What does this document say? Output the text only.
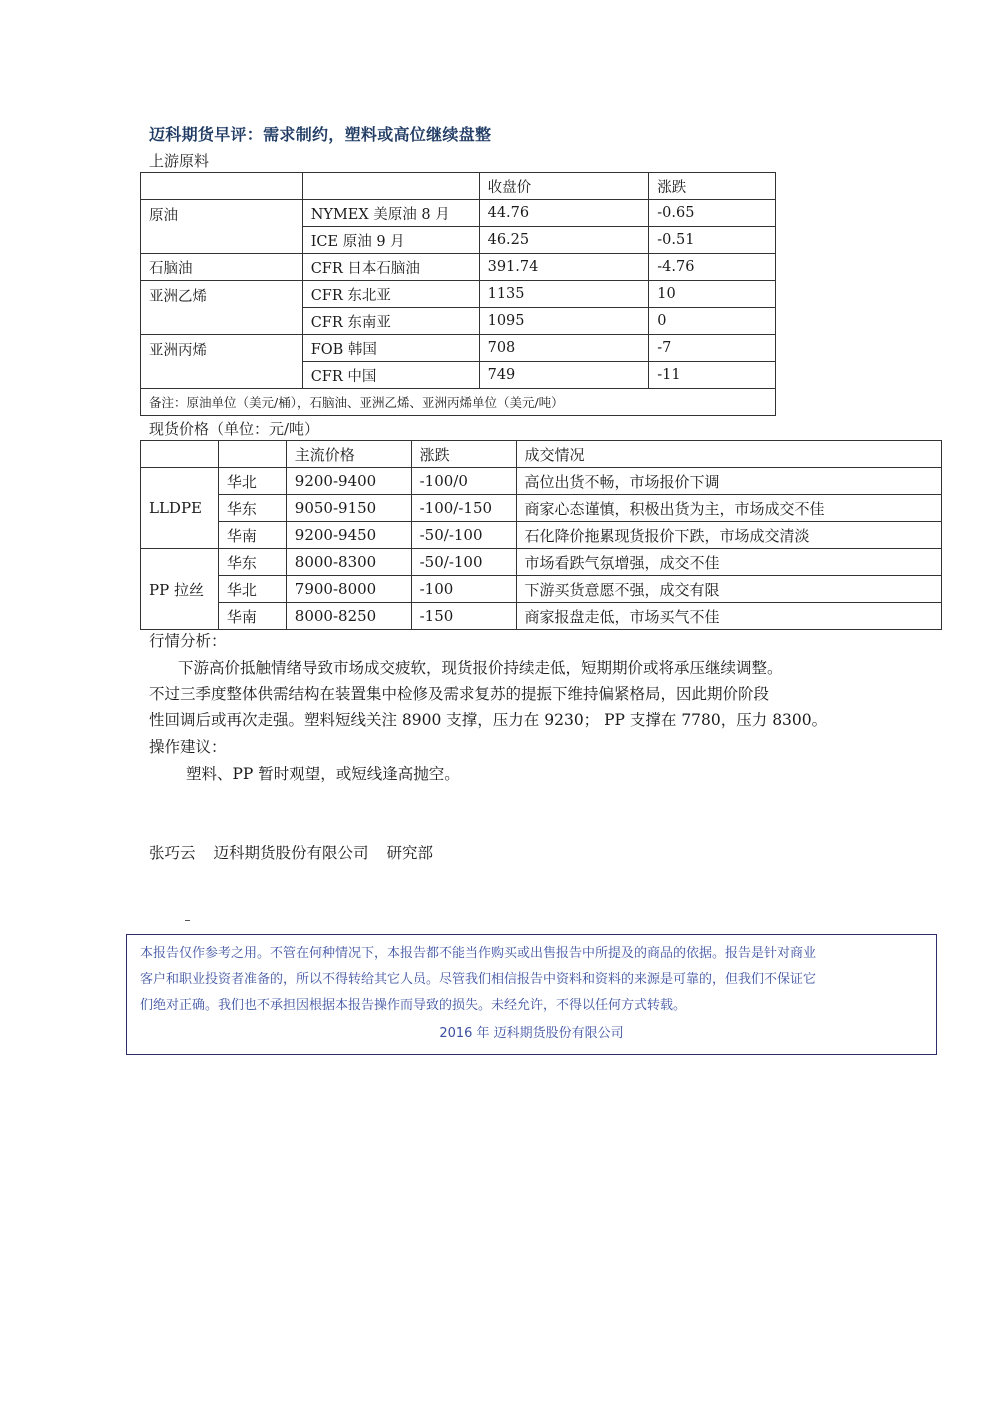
迈科期货早评：需求制约，塑料或高位继续盘整
上游原料
		收盘价	涨跌
原油	NYMEX 美原油 8 月	44.76	-0.65
	ICE 原油 9 月	46.25	-0.51
石脑油	CFR 日本石脑油	391.74	-4.76
亚洲乙烯	CFR 东北亚	1135	10
	CFR 东南亚	1095	0
亚洲丙烯	FOB 韩国	708	-7
	CFR 中国	749	-11
备注：原油单位（美元/桶），石脑油、亚洲乙烯、亚洲丙烯单位（美元/吨）			
现货价格（单位：元/吨）
		主流价格	涨跌	成交情况
LLDPE	华北	9200-9400	-100/0	高位出货不畅，市场报价下调
	华东	9050-9150	-100/-150	商家心态谨慎，积极出货为主，市场成交不佳
	华南	9200-9450	-50/-100	石化降价拖累现货报价下跌，市场成交清淡
PP 拉丝	华东	8000-8300	-50/-100	市场看跌气氛增强，成交不佳
	华北	7900-8000	-100	下游买货意愿不强，成交有限
	华南	8000-8250	-150	商家报盘走低，市场买气不佳
行情分析：
下游高价抵触情绪导致市场成交疲软，现货报价持续走低，短期期价或将承压继续调整。
不过三季度整体供需结构在装置集中检修及需求复苏的提振下维持偏紧格局，因此期价阶段
性回调后或再次走强。塑料短线关注 8900 支撑，压力在 9230； PP 支撑在 7780，压力 8300。
操作建议：
塑料、PP 暂时观望，或短线逢高抛空。
张巧云 迈科期货股份有限公司 研究部
本报告仅作参考之用。不管在何种情况下，本报告都不能当作购买或出售报告中所提及的商品的依据。报告是针对商业
客户和职业投资者准备的，所以不得转给其它人员。尽管我们相信报告中资料和资料的来源是可靠的，但我们不保证它
们绝对正确。我们也不承担因根据本报告操作而导致的损失。未经允许，不得以任何方式转载。
2016 年 迈科期货股份有限公司
